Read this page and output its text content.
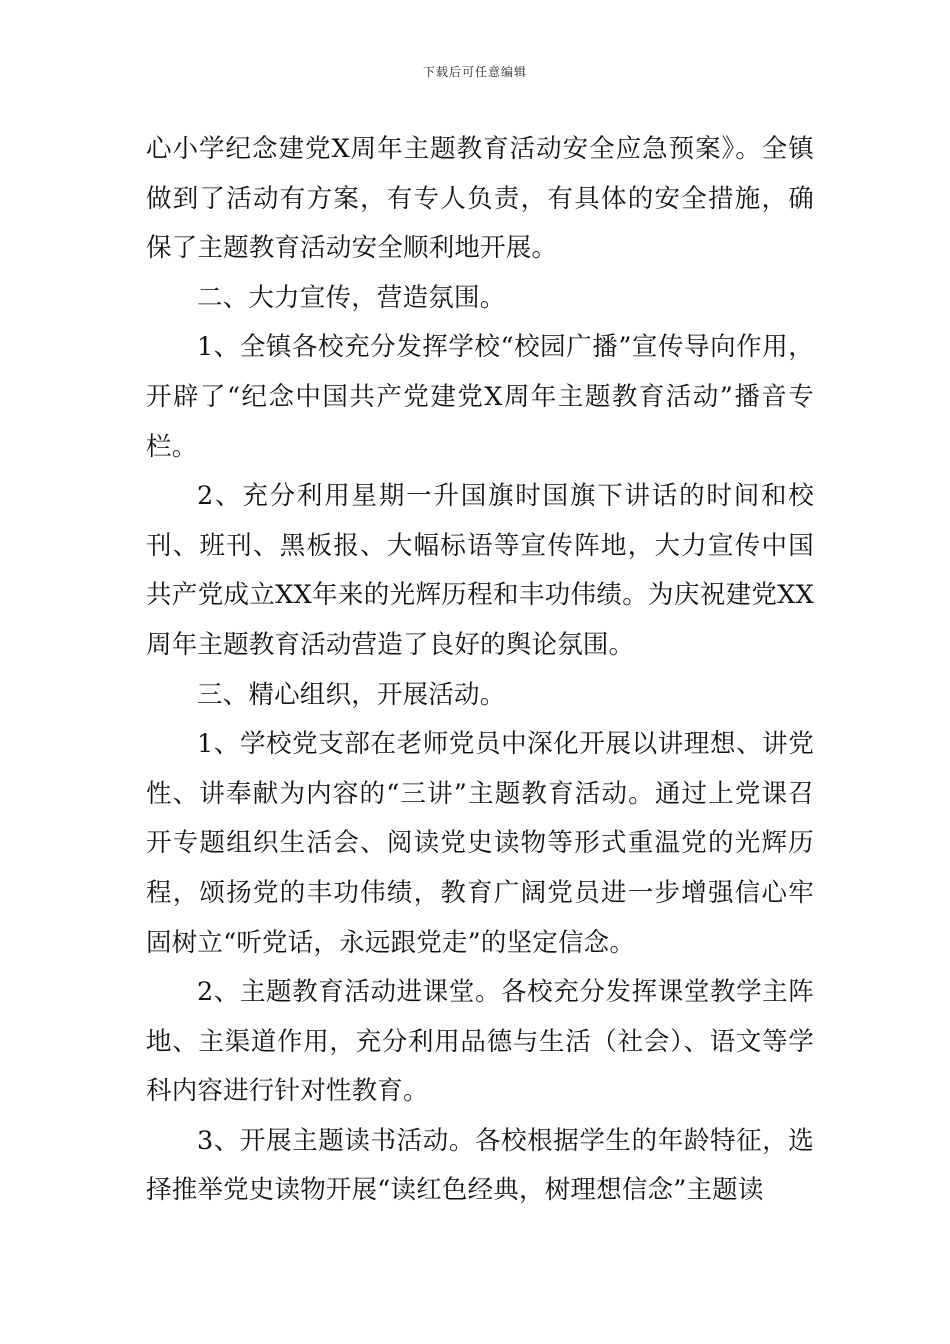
下载后可任意编辑

心小学纪念建党X周年主题教育活动安全应急预案》。全镇做到了活动有方案，有专人负责，有具体的安全措施，确保了主题教育活动安全顺利地开展。

二、大力宣传，营造氛围。

1、全镇各校充分发挥学校“校园广播”宣传导向作用，开辟了“纪念中国共产党建党X周年主题教育活动”播音专栏。

2、充分利用星期一升国旗时国旗下讲话的时间和校刊、班刊、黑板报、大幅标语等宣传阵地，大力宣传中国共产党成立XX年来的光辉历程和丰功伟绩。为庆祝建党XX周年主题教育活动营造了良好的舆论氛围。

三、精心组织，开展活动。

1、学校党支部在老师党员中深化开展以讲理想、讲党性、讲奉献为内容的“三讲”主题教育活动。通过上党课召开专题组织生活会、阅读党史读物等形式重温党的光辉历程，颂扬党的丰功伟绩，教育广阔党员进一步增强信心牢固树立“听党话，永远跟党走”的坚定信念。

2、主题教育活动进课堂。各校充分发挥课堂教学主阵地、主渠道作用，充分利用品德与生活（社会）、语文等学科内容进行针对性教育。

3、开展主题读书活动。各校根据学生的年龄特征，选择推举党史读物开展“读红色经典，树理想信念”主题读
